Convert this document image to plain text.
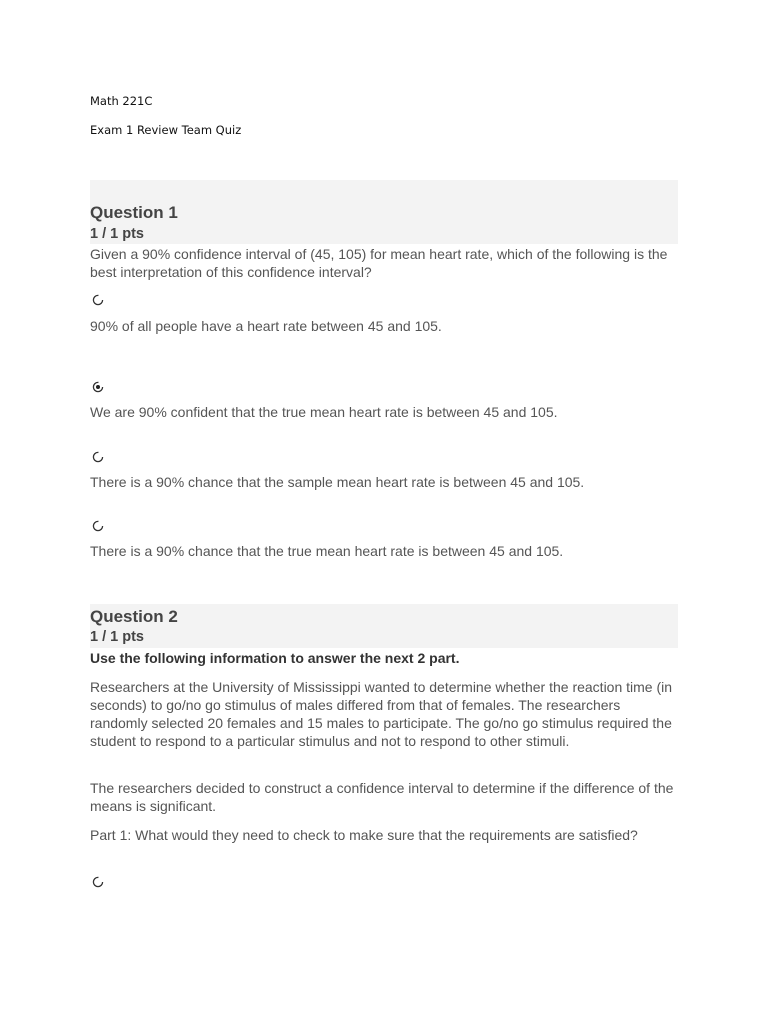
Math 221C
Exam 1 Review Team Quiz
Question 1
1 / 1 pts
Given a 90% confidence interval of (45, 105) for mean heart rate, which of the following is the best interpretation of this confidence interval?
90% of all people have a heart rate between 45 and 105.
We are 90% confident that the true mean heart rate is between 45 and 105.
There is a 90% chance that the sample mean heart rate is between 45 and 105.
There is a 90% chance that the true mean heart rate is between 45 and 105.
Question 2
1 / 1 pts
Use the following information to answer the next 2 part.
Researchers at the University of Mississippi wanted to determine whether the reaction time (in seconds) to go/no go stimulus of males differed from that of females. The researchers randomly selected 20 females and 15 males to participate. The go/no go stimulus required the student to respond to a particular stimulus and not to respond to other stimuli.
The researchers decided to construct a confidence interval to determine if the difference of the means is significant.
Part 1: What would they need to check to make sure that the requirements are satisfied?
